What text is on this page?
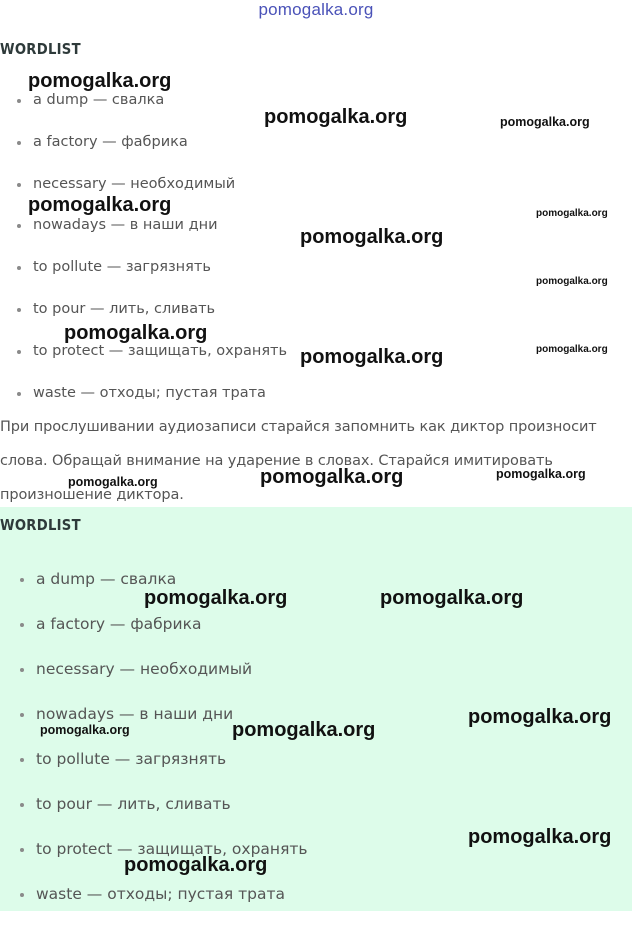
pomogalka.org
WORDLIST
a dump — свалка
a factory — фабрика
necessary — необходимый
nowadays — в наши дни
to pollute — загрязнять
to pour — лить, сливать
to protect — защищать, охранять
waste — отходы; пустая трата

При прослушивании аудиозаписи старайся запомнить как диктор произносит
слова. Обращай внимание на ударение в словах. Старайся имитировать
произношение диктора.

WORDLIST
a dump — свалка
a factory — фабрика
necessary — необходимый
nowadays — в наши дни
to pollute — загрязнять
to pour — лить, сливать
to protect — защищать, охранять
waste — отходы; пустая трата
pomogalka.org
pomogalka.org	pomogalka.org
pomogalka.org	pomogalka.org
pomogalka.org
pomogalka.org
pomogalka.org
pomogalka.org
pomogalka.org
pomogalka.org	pomogalka.org
pomogalka.org
pomogalka.org	pomogalka.org
pomogalka.org
pomogalka.org
pomogalka.org
pomogalka.org
pomogalka.org
